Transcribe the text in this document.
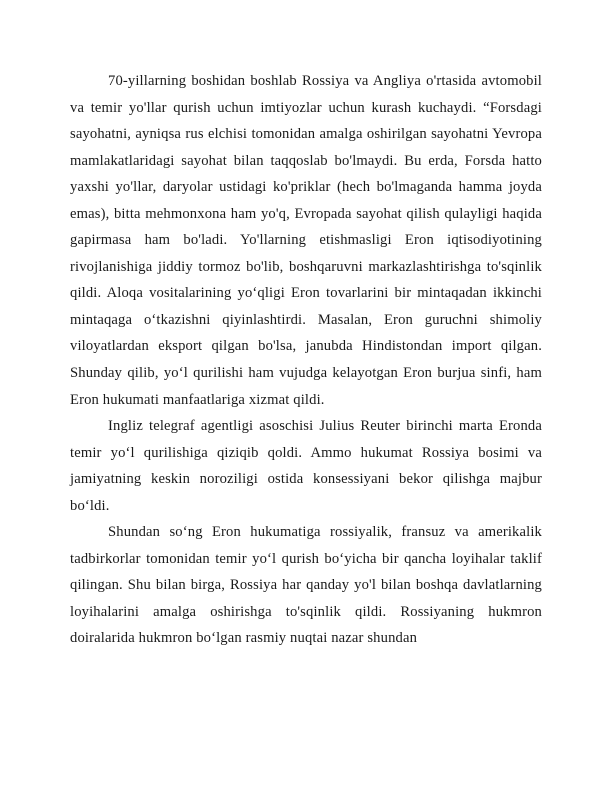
70-yillarning boshidan boshlab Rossiya va Angliya o'rtasida avtomobil va temir yo'llar qurish uchun imtiyozlar uchun kurash kuchaydi. “Forsdagi sayohatni, ayniqsa rus elchisi tomonidan amalga oshirilgan sayohatni Yevropa mamlakatlaridagi sayohat bilan taqqoslab bo'lmaydi. Bu erda, Forsda hatto yaxshi yo'llar, daryolar ustidagi ko'priklar (hech bo'lmaganda hamma joyda emas), bitta mehmonxona ham yo'q, Evropada sayohat qilish qulayligi haqida gapirmasa ham bo'ladi. Yo'llarning etishmasligi Eron iqtisodiyotining rivojlanishiga jiddiy tormoz bo'lib, boshqaruvni markazlashtirishga to'sqinlik qildi. Aloqa vositalarining yo‘qligi Eron tovarlarini bir mintaqadan ikkinchi mintaqaga o‘tkazishni qiyinlashtirdi. Masalan, Eron guruchni shimoliy viloyatlardan eksport qilgan bo'lsa, janubda Hindistondan import qilgan. Shunday qilib, yo‘l qurilishi ham vujudga kelayotgan Eron burjua sinfi, ham Eron hukumati manfaatlariga xizmat qildi.

Ingliz telegraf agentligi asoschisi Julius Reuter birinchi marta Eronda temir yo‘l qurilishiga qiziqib qoldi. Ammo hukumat Rossiya bosimi va jamiyatning keskin noroziligi ostida konsessiyani bekor qilishga majbur bo‘ldi.

Shundan so‘ng Eron hukumatiga rossiyalik, fransuz va amerikalik tadbirkorlar tomonidan temir yo‘l qurish bo‘yicha bir qancha loyihalar taklif qilingan. Shu bilan birga, Rossiya har qanday yo'l bilan boshqa davlatlarning loyihalarini amalga oshirishga to'sqinlik qildi. Rossiyaning hukmron doiralarida hukmron bo‘lgan rasmiy nuqtai nazar shundan
